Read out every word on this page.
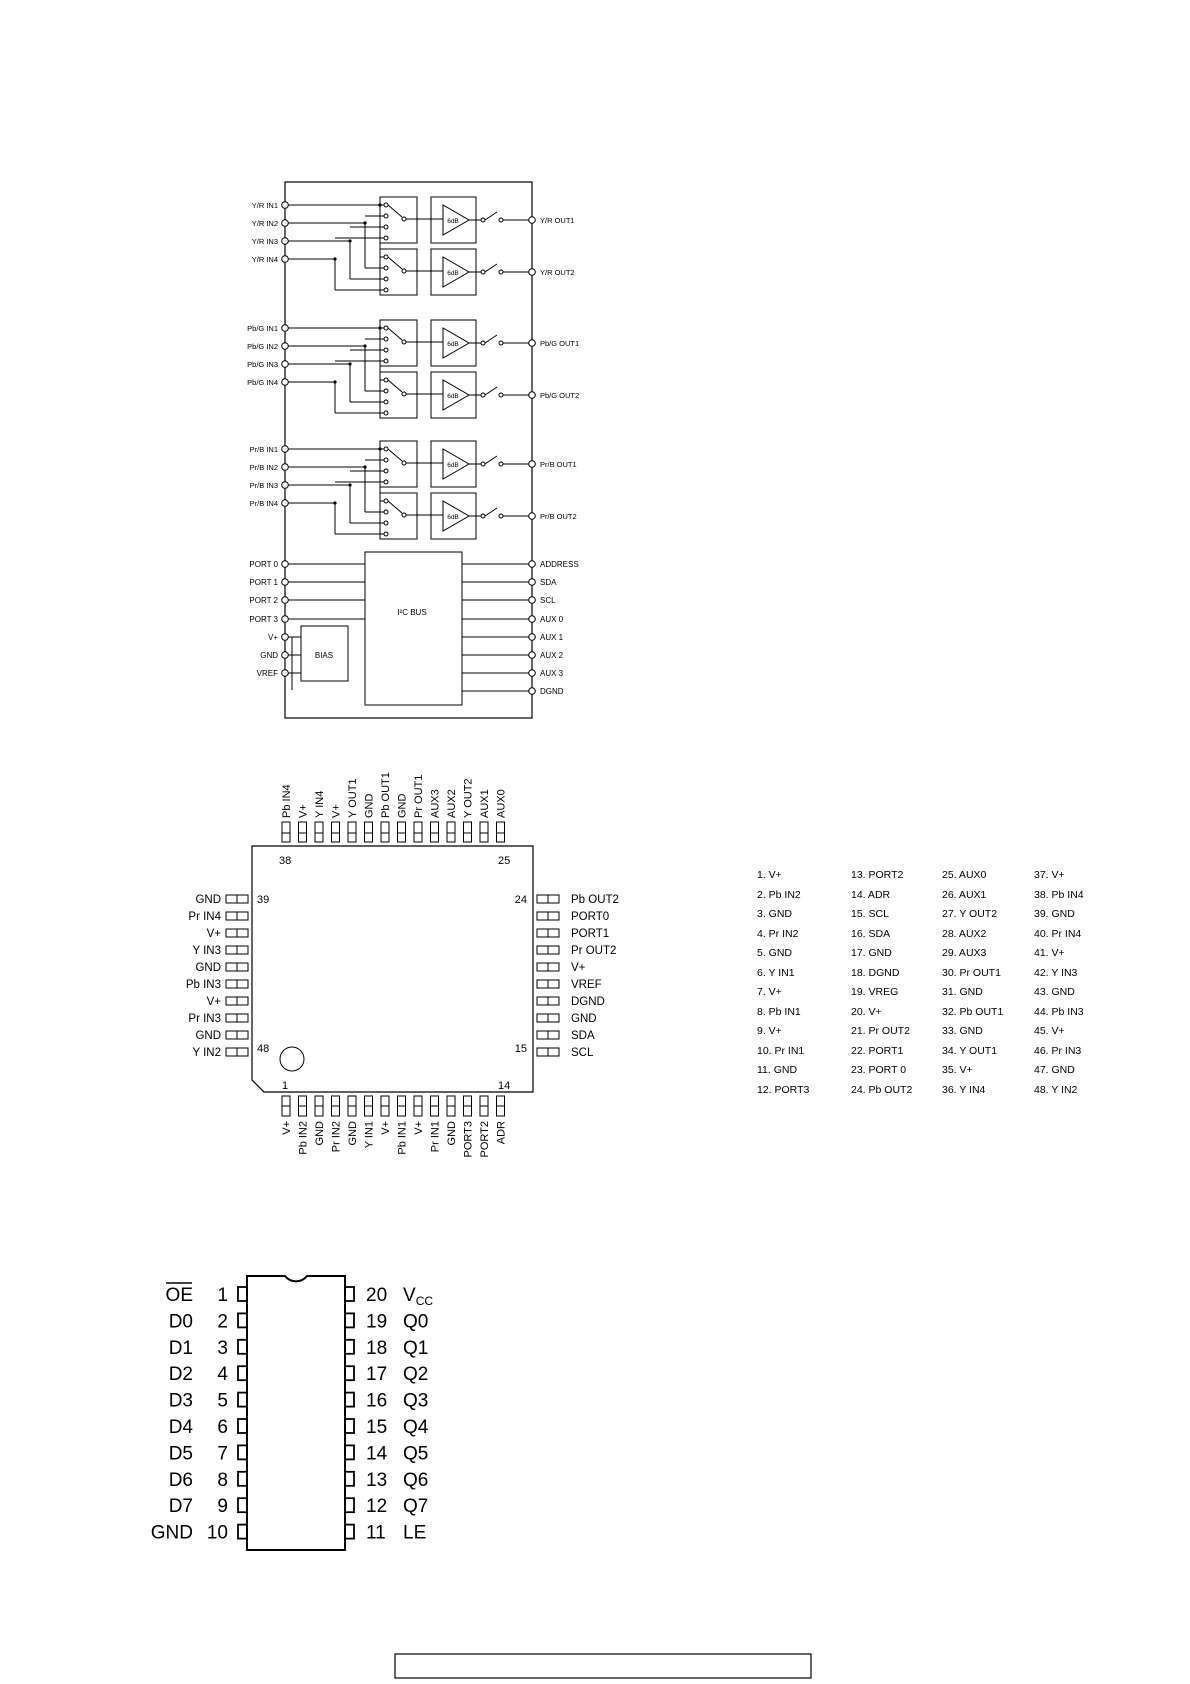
Y/R IN1
Y/R IN2
Y/R IN3
Y/R IN4
6dB	Y/R OUT1
6dB	Y/R OUT2
Pb/G IN1
Pb/G IN2
Pb/G IN3
Pb/G IN4
6dB	Pb/G OUT1
6dB	Pb/G OUT2
Pr/B IN1
Pr/B IN2
Pr/B IN3
Pr/B IN4
6dB	Pr/B OUT1
6dB	Pr/B OUT2
I²C BUS
BIAS
PORT 0
PORT 1
PORT 2
PORT 3
V+
GND
VREF
ADDRESS
SDA
SCL
AUX 0
AUX 1
AUX 2
AUX 3
DGND
Pb IN4 V+ Y IN4 V+ Y OUT1 GND Pb OUT1 GND Pr OUT1 AUX3 AUX2 Y OUT2 AUX1 AUX0
V+ Pb IN2 GND Pr IN2 GND Y IN1 V+ Pb IN1 V+ Pr IN1 GND PORT3 PORT2 ADR
GND
Pr IN4
V+
Y IN3
GND
Pb IN3
V+
Pr IN3
GND
Y IN2
Pb OUT2
PORT0
PORT1
Pr OUT2
V+
VREF
DGND
GND
SDA
SCL
38	25
39
48
24
15
1	14
1
OE
2
D0
3
D1
4
D2
5
D3
6
D4
7
D5
8
D6
9
D7
10
GND
20 $V_{CC}$
19 Q0
18 Q1
17 Q2
16 Q3
15 Q4
14 Q5
13 Q6
12 Q7
11 LE
1. V+
2. Pb IN2
3. GND
4. Pr IN2
5. GND
6. Y IN1
7. V+
8. Pb IN1
9. V+
10. Pr IN1
11. GND
12. PORT3
13. PORT2
14. ADR
15. SCL
16. SDA
17. GND
18. DGND
19. VREG
20. V+
21. Pr OUT2
22. PORT1
23. PORT 0
24. Pb OUT2
25. AUX0
26. AUX1
27. Y OUT2
28. AUX2
29. AUX3
30. Pr OUT1
31. GND
32. Pb OUT1
33. GND
34. Y OUT1
35. V+
36. Y IN4
37. V+
38. Pb IN4
39. GND
40. Pr IN4
41. V+
42. Y IN3
43. GND
44. Pb IN3
45. V+
46. Pr IN3
47. GND
48. Y IN2
